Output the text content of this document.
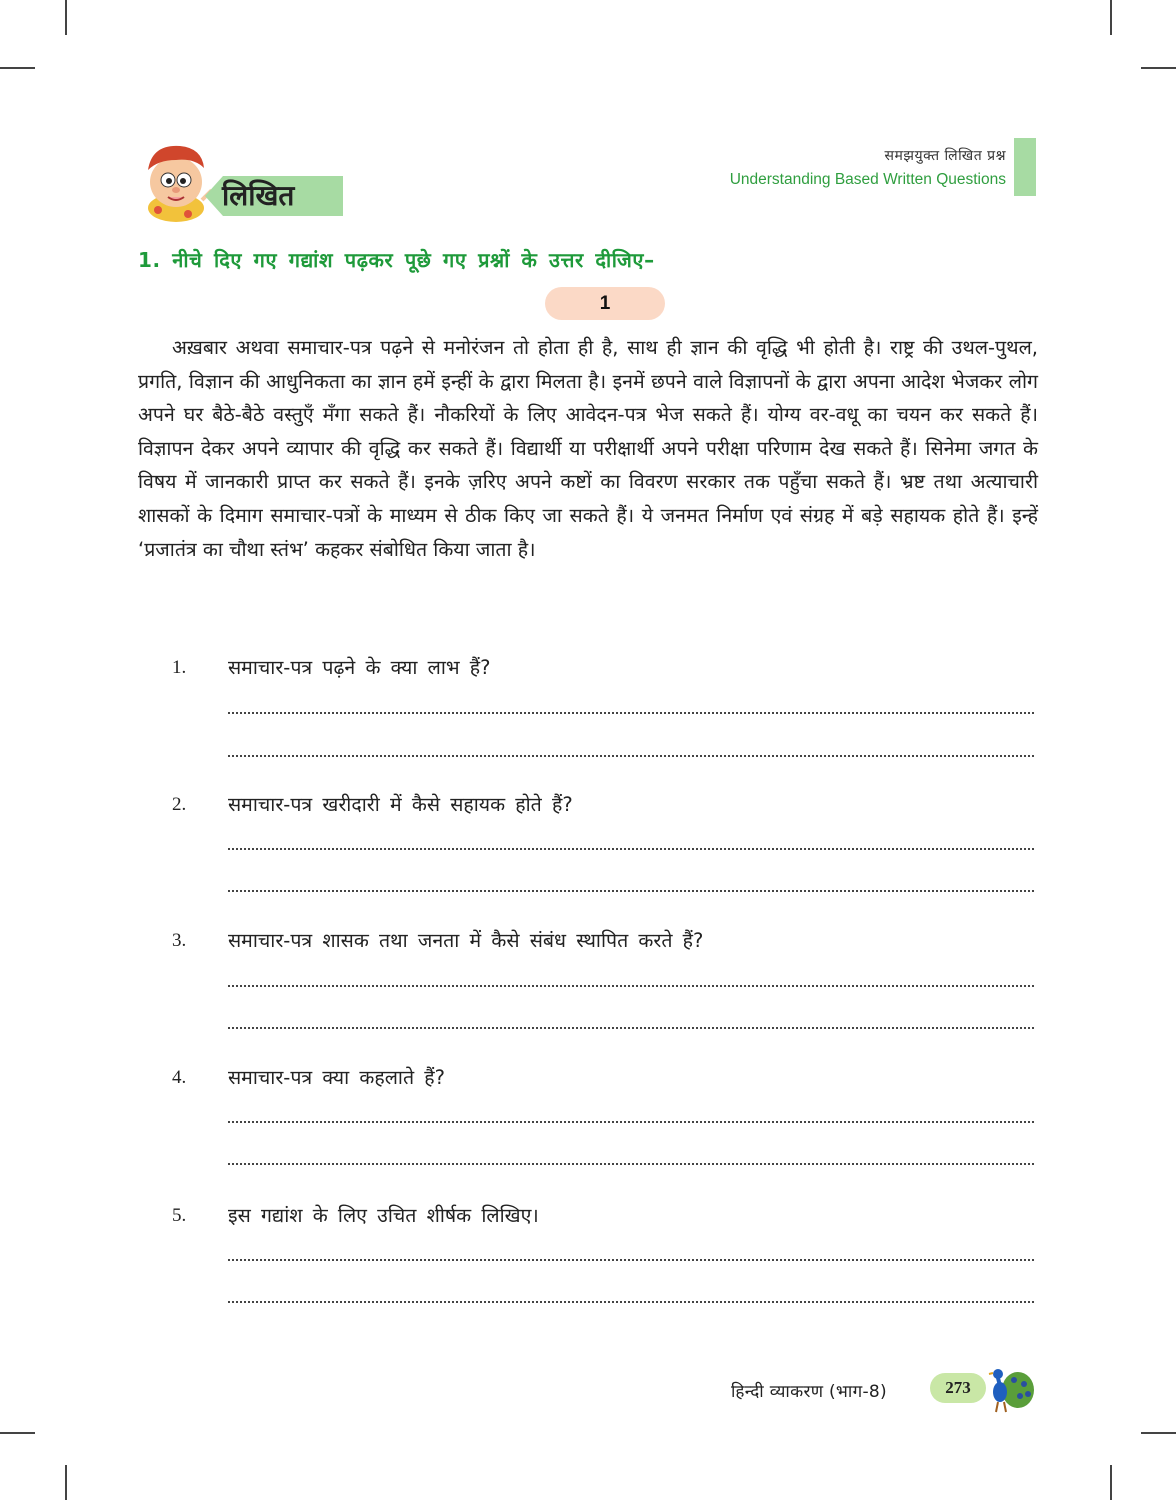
समझयुक्त लिखित प्रश्न
Understanding Based Written Questions
लिखित
1. नीचे दिए गए गद्यांश पढ़कर पूछे गए प्रश्नों के उत्तर दीजिए–
1

अख़बार अथवा समाचार-पत्र पढ़ने से मनोरंजन तो होता ही है, साथ ही ज्ञान की वृद्धि भी होती है। राष्ट्र की उथल-पुथल, प्रगति, विज्ञान की आधुनिकता का ज्ञान हमें इन्हीं के द्वारा मिलता है। इनमें छपने वाले विज्ञापनों के द्वारा अपना आदेश भेजकर लोग अपने घर बैठे-बैठे वस्तुएँ मँगा सकते हैं। नौकरियों के लिए आवेदन-पत्र भेज सकते हैं। योग्य वर-वधू का चयन कर सकते हैं। विज्ञापन देकर अपने व्यापार की वृद्धि कर सकते हैं। विद्यार्थी या परीक्षार्थी अपने परीक्षा परिणाम देख सकते हैं। सिनेमा जगत के विषय में जानकारी प्राप्त कर सकते हैं। इनके ज़रिए अपने कष्टों का विवरण सरकार तक पहुँचा सकते हैं। भ्रष्ट तथा अत्याचारी शासकों के दिमाग समाचार-पत्रों के माध्यम से ठीक किए जा सकते हैं। ये जनमत निर्माण एवं संग्रह में बड़े सहायक होते हैं। इन्हें ‘प्रजातंत्र का चौथा स्तंभ’ कहकर संबोधित किया जाता है।

1. समाचार-पत्र पढ़ने के क्या लाभ हैं?
2. समाचार-पत्र खरीदारी में कैसे सहायक होते हैं?
3. समाचार-पत्र शासक तथा जनता में कैसे संबंध स्थापित करते हैं?
4. समाचार-पत्र क्या कहलाते हैं?
5. इस गद्यांश के लिए उचित शीर्षक लिखिए।
हिन्दी व्याकरण (भाग-8)	273
